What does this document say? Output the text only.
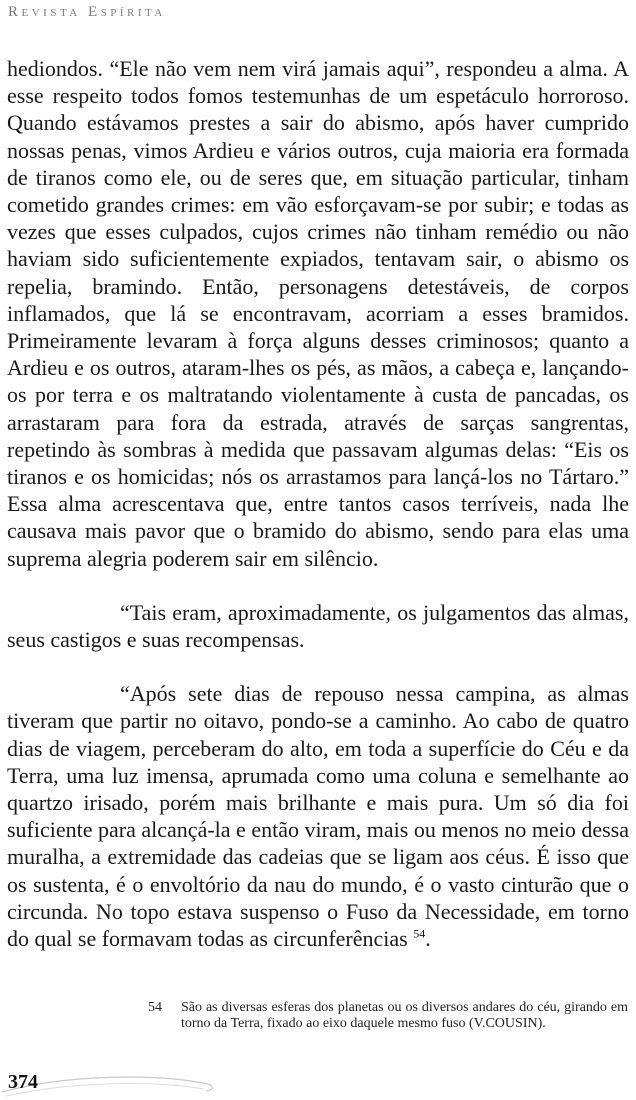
Revista Espírita

hediondos. “Ele não vem nem virá jamais aqui”, respondeu a alma. A esse respeito todos fomos testemunhas de um espetáculo horroroso. Quando estávamos prestes a sair do abismo, após haver cumprido nossas penas, vimos Ardieu e vários outros, cuja maioria era formada de tiranos como ele, ou de seres que, em situação particular, tinham cometido grandes crimes: em vão esforçavam-se por subir; e todas as vezes que esses culpados, cujos crimes não tinham remédio ou não haviam sido suficientemente expiados, tentavam sair, o abismo os repelia, bramindo. Então, personagens detestáveis, de corpos inflamados, que lá se encontravam, acorriam a esses bramidos. Primeiramente levaram à força alguns desses criminosos; quanto a Ardieu e os outros, ataram-lhes os pés, as mãos, a cabeça e, lançando-os por terra e os maltratando violentamente à custa de pancadas, os arrastaram para fora da estrada, através de sarças sangrentas, repetindo às sombras à medida que passavam algumas delas: “Eis os tiranos e os homicidas; nós os arrastamos para lançá-los no Tártaro.” Essa alma acrescentava que, entre tantos casos terríveis, nada lhe causava mais pavor que o bramido do abismo, sendo para elas uma suprema alegria poderem sair em silêncio.

“Tais eram, aproximadamente, os julgamentos das almas, seus castigos e suas recompensas.

“Após sete dias de repouso nessa campina, as almas tiveram que partir no oitavo, pondo-se a caminho. Ao cabo de quatro dias de viagem, perceberam do alto, em toda a superfície do Céu e da Terra, uma luz imensa, aprumada como uma coluna e semelhante ao quartzo irisado, porém mais brilhante e mais pura. Um só dia foi suficiente para alcançá-la e então viram, mais ou menos no meio dessa muralha, a extremidade das cadeias que se ligam aos céus. É isso que os sustenta, é o envoltório da nau do mundo, é o vasto cinturão que o circunda. No topo estava suspenso o Fuso da Necessidade, em torno do qual se formavam todas as circunferências $^{54}$.

54	São as diversas esferas dos planetas ou os diversos andares do céu, girando em torno da Terra, fixado ao eixo daquele mesmo fuso (V.COUSIN).
374
